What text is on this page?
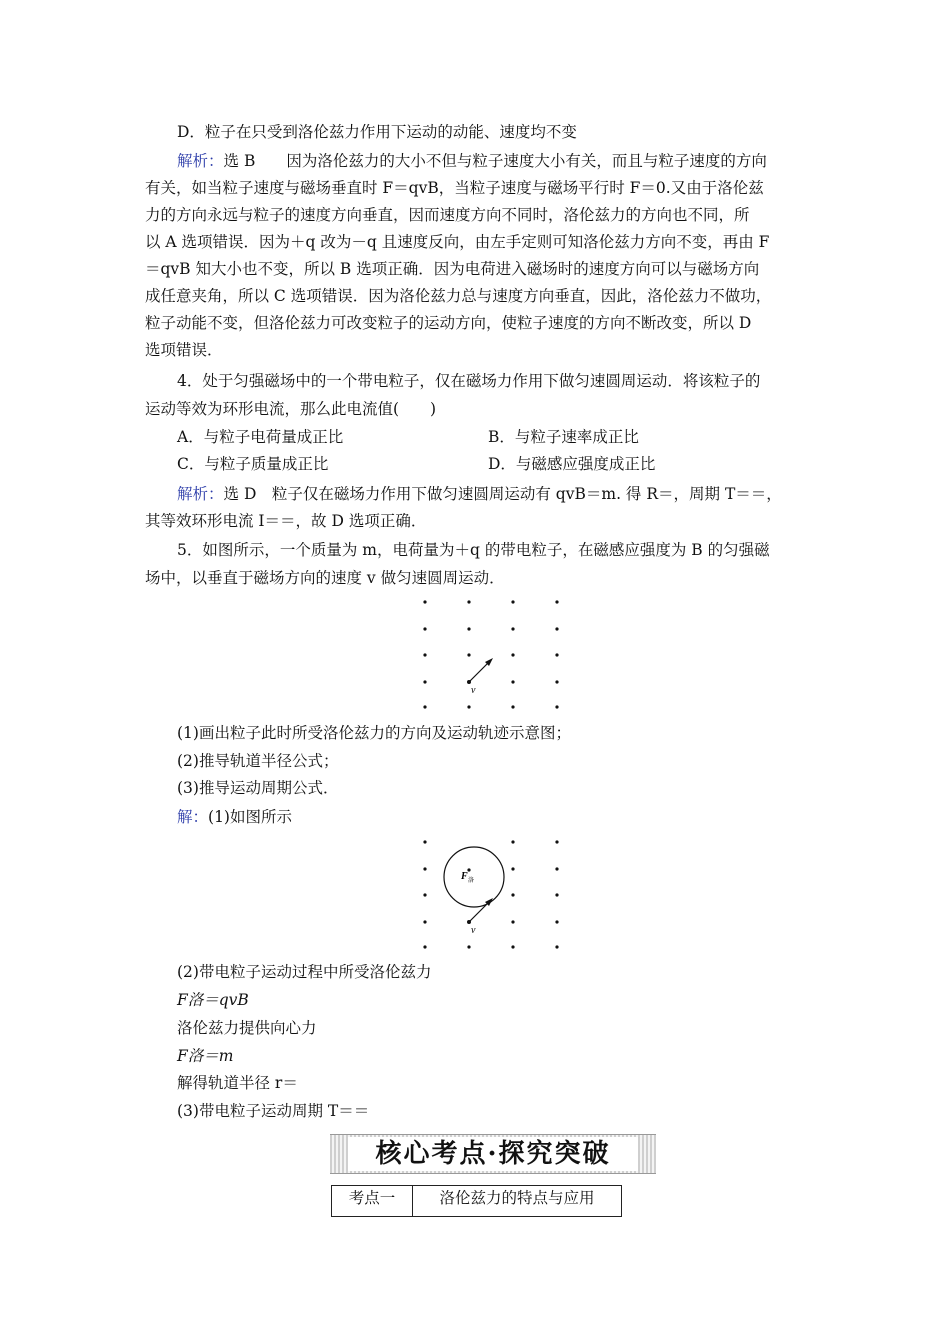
D．粒子在只受到洛伦兹力作用下运动的动能、速度均不变
解析：选 B　　 因为洛伦兹力的大小不但与粒子速度大小有关，而且与粒子速度的方向
有关，如当粒子速度与磁场垂直时 F＝qvB，当粒子速度与磁场平行时 F＝0.又由于洛伦兹
力的方向永远与粒子的速度方向垂直，因而速度方向不同时，洛伦兹力的方向也不同，所
以 A 选项错误．因为＋q 改为－q 且速度反向，由左手定则可知洛伦兹力方向不变，再由 F
＝qvB 知大小也不变，所以 B 选项正确．因为电荷进入磁场时的速度方向可以与磁场方向
成任意夹角，所以 C 选项错误．因为洛伦兹力总与速度方向垂直，因此，洛伦兹力不做功，
粒子动能不变，但洛伦兹力可改变粒子的运动方向，使粒子速度的方向不断改变，所以 D
选项错误．
4．处于匀强磁场中的一个带电粒子，仅在磁场力作用下做匀速圆周运动．将该粒子的
运动等效为环形电流，那么此电流值(　　)
A．与粒子电荷量成正比	B．与粒子速率成正比
C．与粒子质量成正比	D．与磁感应强度成正比
解析：选 D　粒子仅在磁场力作用下做匀速圆周运动有 qvB＝m. 得 R＝，周期 T＝＝，
其等效环形电流 I＝＝，故 D 选项正确．
5．如图所示，一个质量为 m，电荷量为＋q 的带电粒子，在磁感应强度为 B 的匀强磁
场中，以垂直于磁场方向的速度 v 做匀速圆周运动．
v
(1)画出粒子此时所受洛伦兹力的方向及运动轨迹示意图；
(2)推导轨道半径公式；
(3)推导运动周期公式．
解：(1)如图所示
F 洛
v
(2)带电粒子运动过程中所受洛伦兹力
F洛＝qvB
洛伦兹力提供向心力
F洛＝m
解得轨道半径 r＝
(3)带电粒子运动周期 T＝＝
核心考点·探究突破
考点一	洛伦兹力的特点与应用
